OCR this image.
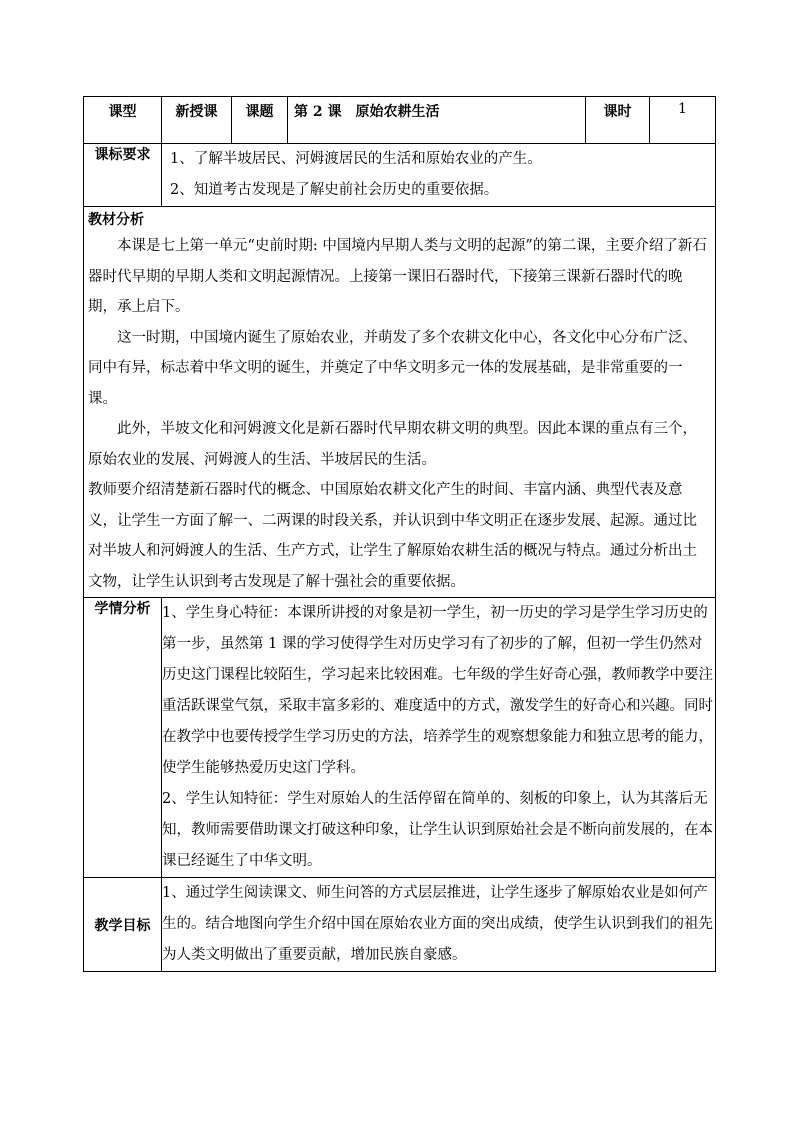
课型	新授课	课题	第 2 课　原始农耕生活	课时	1
课标要求	1、了解半坡居民、河姆渡居民的生活和原始农业的产生。

2、知道考古发现是了解史前社会历史的重要依据。				

教材分析

本课是七上第一单元“史前时期: 中国境内早期人类与文明的起源”的第二课，主要介绍了新石器时代早期的早期人类和文明起源情况。上接第一课旧石器时代，下接第三课新石器时代的晚期，承上启下。

这一时期，中国境内诞生了原始农业，并萌发了多个农耕文化中心，各文化中心分布广泛、同中有异，标志着中华文明的诞生，并奠定了中华文明多元一体的发展基础，是非常重要的一课。

此外，半坡文化和河姆渡文化是新石器时代早期农耕文明的典型。因此本课的重点有三个，原始农业的发展、河姆渡人的生活、半坡居民的生活。

教师要介绍清楚新石器时代的概念、中国原始农耕文化产生的时间、丰富内涵、典型代表及意义，让学生一方面了解一、二两课的时段关系，并认识到中华文明正在逐步发展、起源。通过比对半坡人和河姆渡人的生活、生产方式，让学生了解原始农耕生活的概况与特点。通过分析出土文物，让学生认识到考古发现是了解十强社会的重要依据。					

学情分析	1、学生身心特征：本课所讲授的对象是初一学生，初一历史的学习是学生学习历史的第一步，虽然第 1 课的学习使得学生对历史学习有了初步的了解，但初一学生仍然对历史这门课程比较陌生，学习起来比较困难。七年级的学生好奇心强，教师教学中要注重活跃课堂气氛，采取丰富多彩的、难度适中的方式，激发学生的好奇心和兴趣。同时在教学中也要传授学生学习历史的方法，培养学生的观察想象能力和独立思考的能力，使学生能够热爱历史这门学科。

2、学生认知特征：学生对原始人的生活停留在简单的、刻板的印象上，认为其落后无知，教师需要借助课文打破这种印象，让学生认识到原始社会是不断向前发展的，在本课已经诞生了中华文明。				

教学目标	1、通过学生阅读课文、师生问答的方式层层推进，让学生逐步了解原始农业是如何产生的。结合地图向学生介绍中国在原始农业方面的突出成绩，使学生认识到我们的祖先为人类文明做出了重要贡献，增加民族自豪感。				
